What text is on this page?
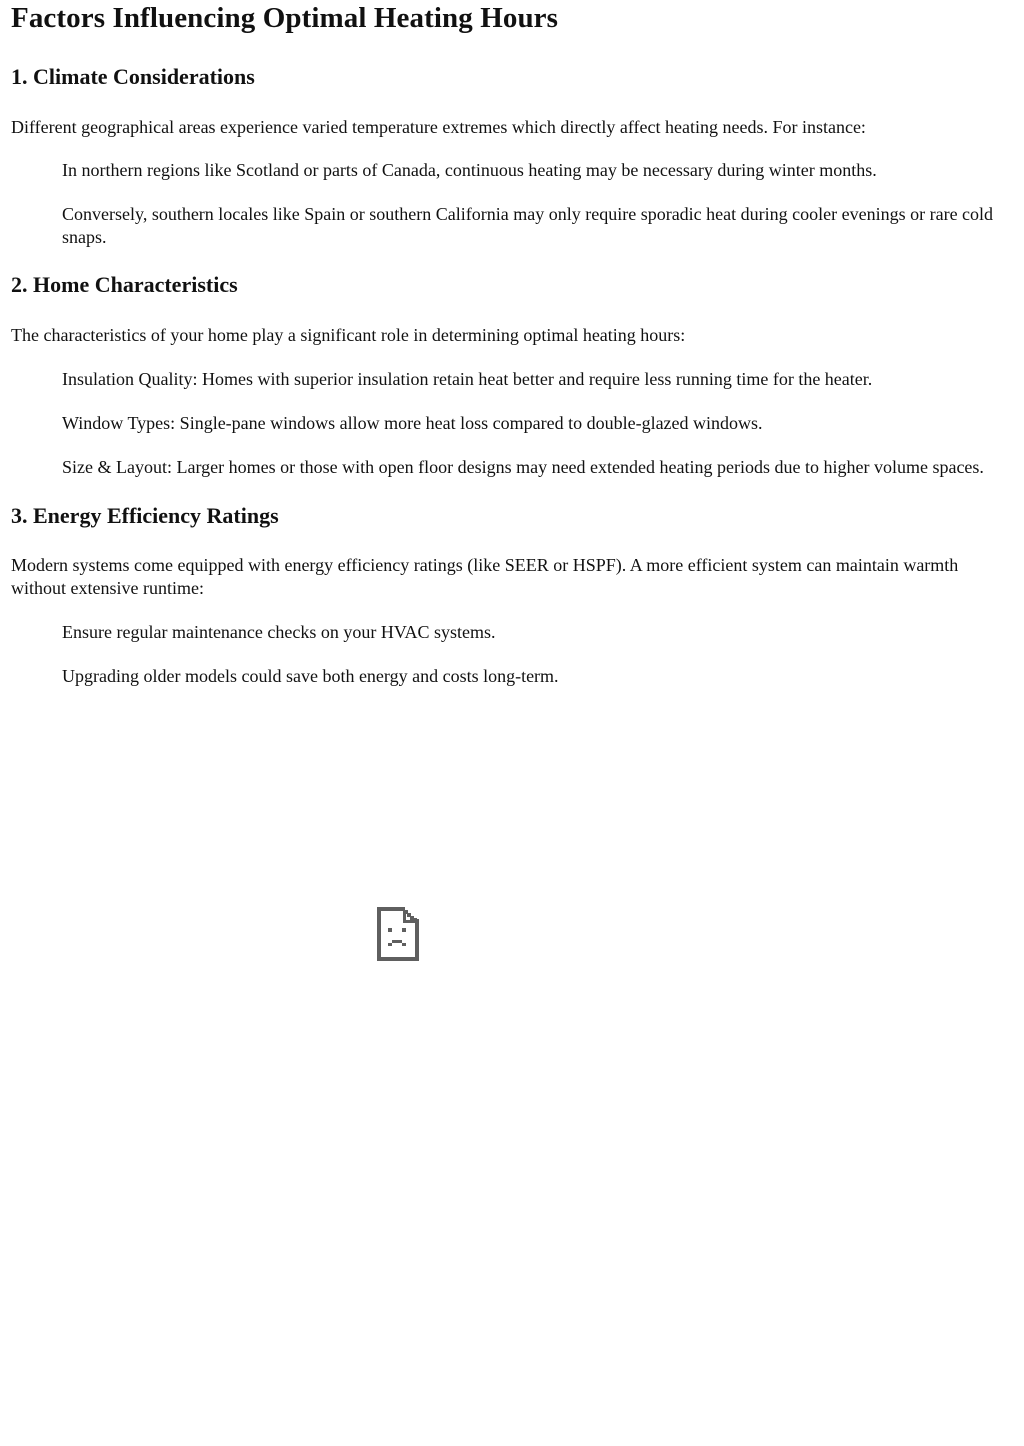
Factors Influencing Optimal Heating Hours
1. Climate Considerations

Different geographical areas experience varied temperature extremes which directly affect heating needs. For instance:

In northern regions like Scotland or parts of Canada, continuous heating may be necessary during winter months.
Conversely, southern locales like Spain or southern California may only require sporadic heat during cooler evenings or rare cold snaps.
2. Home Characteristics

The characteristics of your home play a significant role in determining optimal heating hours:

Insulation Quality: Homes with superior insulation retain heat better and require less running time for the heater.
Window Types: Single-pane windows allow more heat loss compared to double-glazed windows.
Size & Layout: Larger homes or those with open floor designs may need extended heating periods due to higher volume spaces.
3. Energy Efficiency Ratings

Modern systems come equipped with energy efficiency ratings (like SEER or HSPF). A more efficient system can maintain warmth without extensive runtime:

Ensure regular maintenance checks on your HVAC systems.
Upgrading older models could save both energy and costs long-term.
